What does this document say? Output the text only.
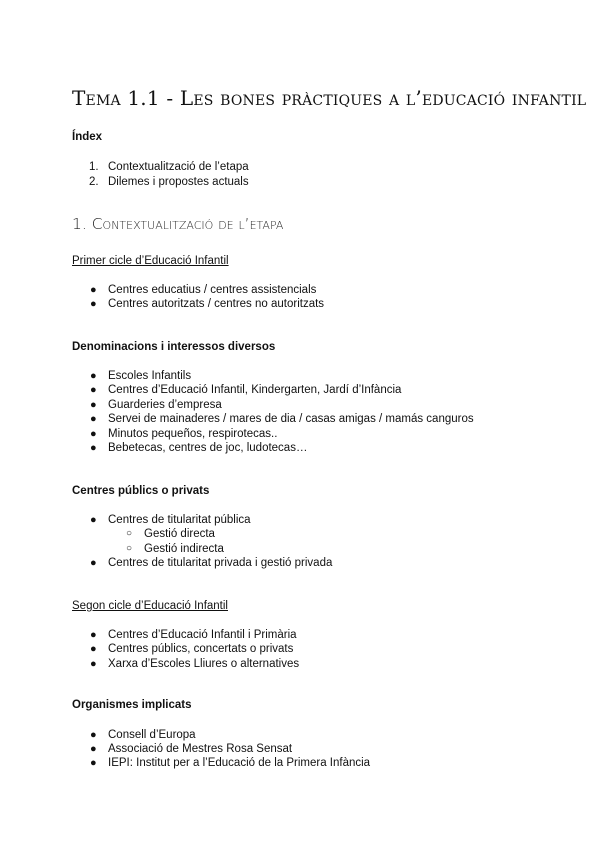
Tema 1.1 - Les bones pràctiques a l’educació infantil
Índex
1. Contextualització de l’etapa
2. Dilemes i propostes actuals
1. Contextualització de l’etapa
Primer cicle d’Educació Infantil
● Centres educatius / centres assistencials
● Centres autoritzats / centres no autoritzats
Denominacions i interessos diversos
● Escoles Infantils
● Centres d’Educació Infantil, Kindergarten, Jardí d’Infància
● Guarderies d’empresa
● Servei de mainaderes / mares de dia / casas amigas / mamás canguros
● Minutos pequeños, respirotecas..
● Bebetecas, centres de joc, ludotecas…
Centres públics o privats
● Centres de titularitat pública
○ Gestió directa
○ Gestió indirecta
● Centres de titularitat privada i gestió privada
Segon cicle d’Educació Infantil
● Centres d’Educació Infantil i Primària
● Centres públics, concertats o privats
● Xarxa d’Escoles Lliures o alternatives
Organismes implicats
● Consell d’Europa
● Associació de Mestres Rosa Sensat
● IEPI: Institut per a l’Educació de la Primera Infància
